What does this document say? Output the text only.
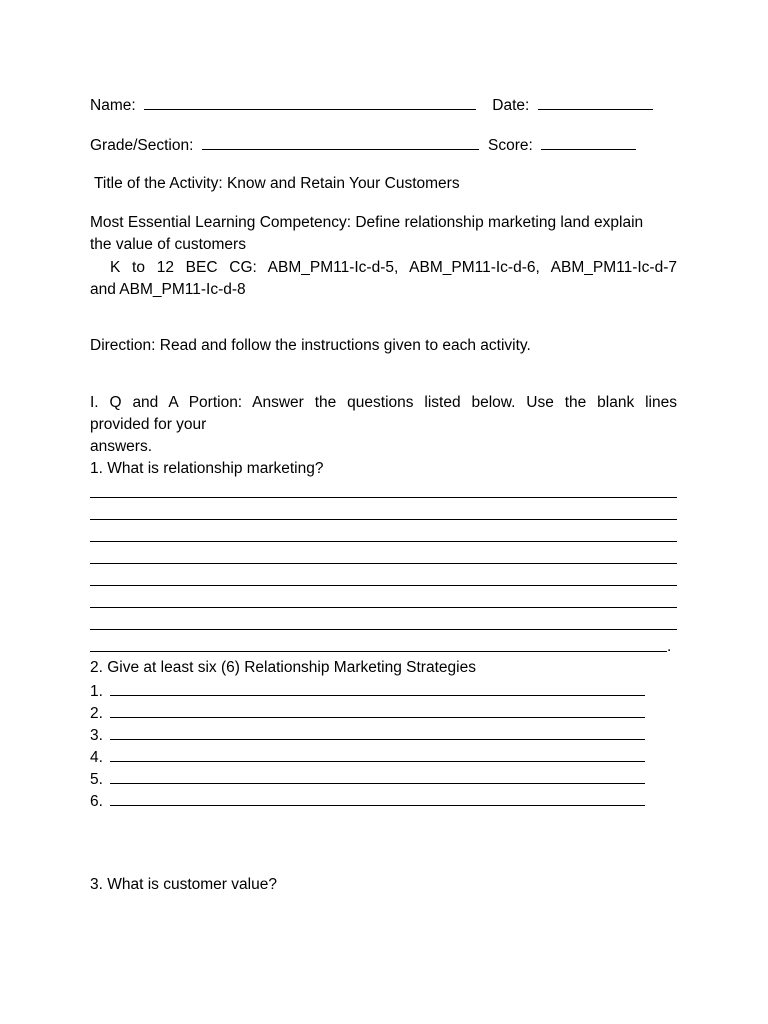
Name:	Date:
Grade/Section:	Score:
Title of the Activity: Know and Retain Your Customers
Most Essential Learning Competency: Define relationship marketing land explain
the value of customers
K to 12 BEC CG: ABM_PM11-Ic-d-5, ABM_PM11-Ic-d-6, ABM_PM11-Ic-d-7
and ABM_PM11-Ic-d-8
Direction: Read and follow the instructions given to each activity.
I. Q and A Portion: Answer the questions listed below. Use the blank lines
provided for your
answers.
1. What is relationship marketing?
.
2. Give at least six (6) Relationship Marketing Strategies
1.
2.
3.
4.
5.
6.
3. What is customer value?
